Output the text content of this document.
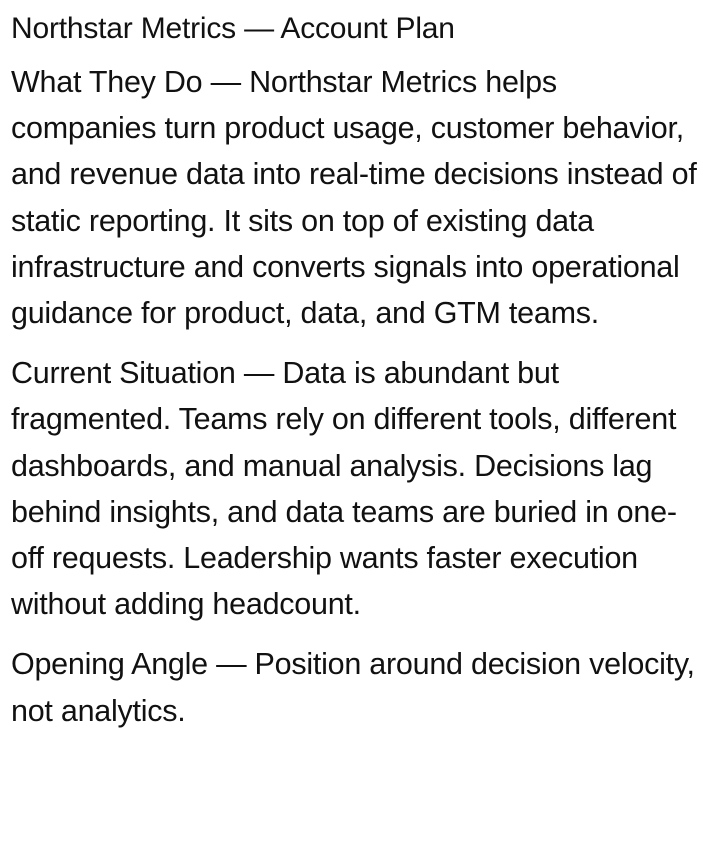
Northstar Metrics — Account Plan

What They Do — Northstar Metrics helps companies turn product usage, customer behavior, and revenue data into real-time decisions instead of static reporting. It sits on top of existing data infrastructure and converts signals into operational guidance for product, data, and GTM teams.

Current Situation — Data is abundant but fragmented. Teams rely on different tools, different dashboards, and manual analysis. Decisions lag behind insights, and data teams are buried in one-off requests. Leadership wants faster execution without adding headcount.

Opening Angle — Position around decision velocity, not analytics.
